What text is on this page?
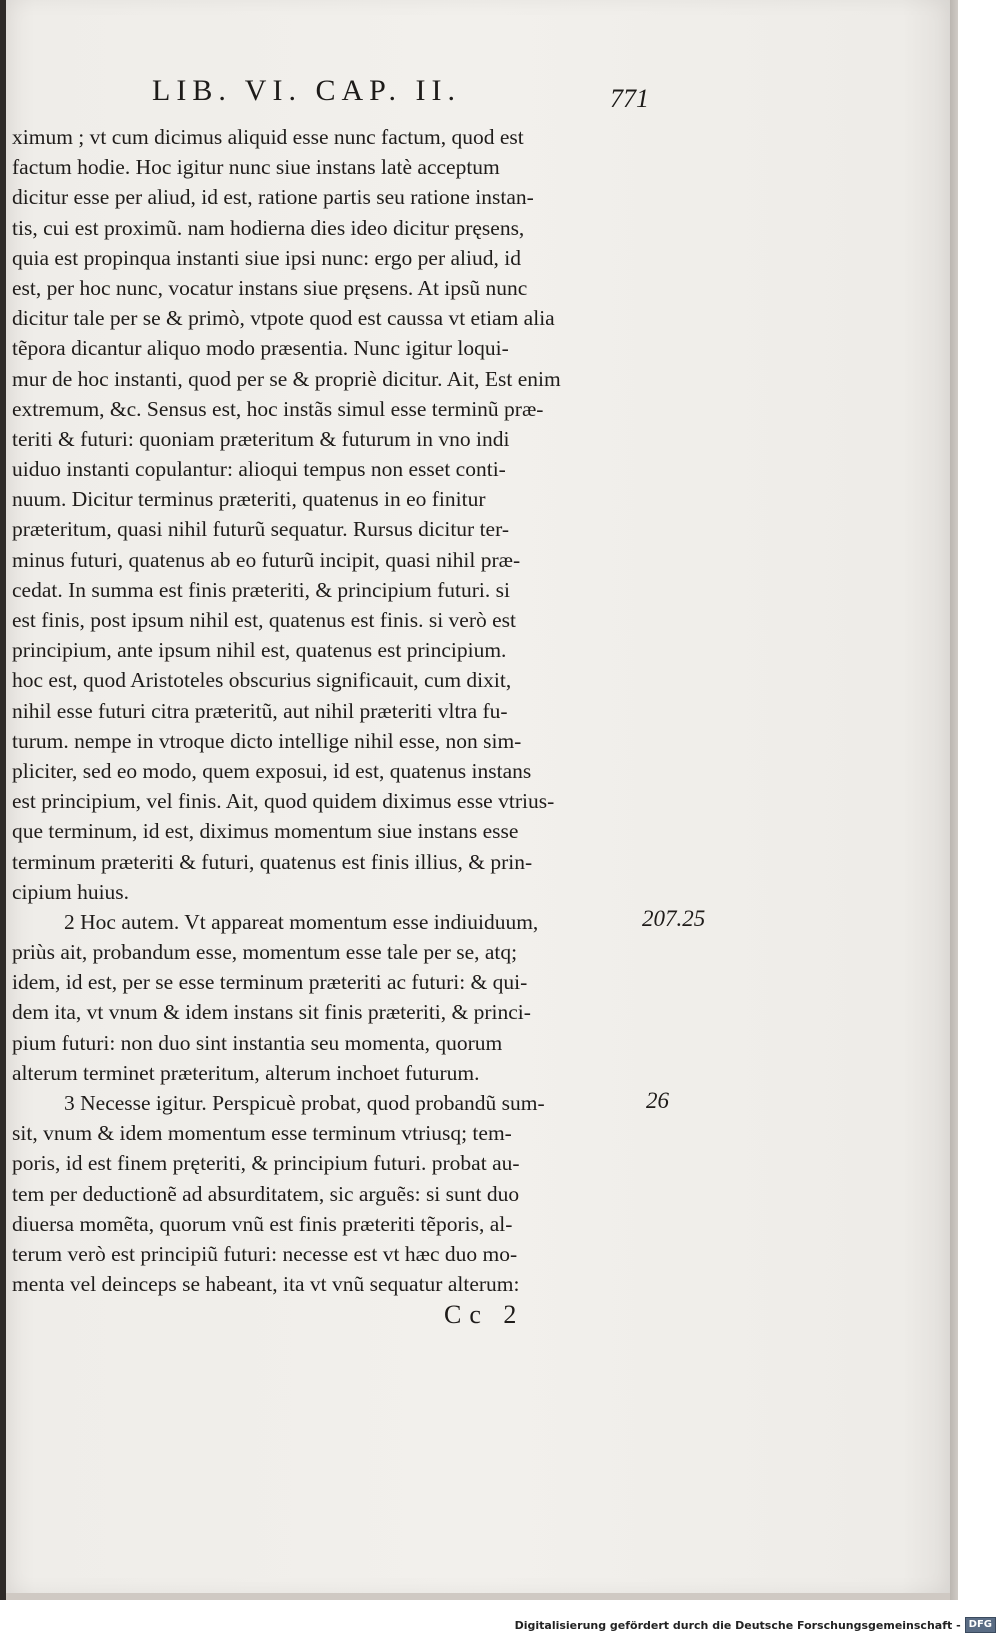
LIB. VI. CAP. II.	771
ximum ; vt cum dicimus aliquid esse nunc factum, quod est
factum hodie. Hoc igitur nunc siue instans latè acceptum
dicitur esse per aliud, id est, ratione partis seu ratione instan-
tis, cui est proximũ. nam hodierna dies ideo dicitur pręsens,
quia est propinqua instanti siue ipsi nunc: ergo per aliud, id
est, per hoc nunc, vocatur instans siue pręsens. At ipsũ nunc
dicitur tale per se & primò, vtpote quod est caussa vt etiam alia
tẽpora dicantur aliquo modo præsentia. Nunc igitur loqui-
mur de hoc instanti, quod per se & propriè dicitur. Ait, Est enim
extremum, &c. Sensus est, hoc instãs simul esse terminũ præ-
teriti & futuri: quoniam præteritum & futurum in vno indi
uiduo instanti copulantur: alioqui tempus non esset conti-
nuum. Dicitur terminus præteriti, quatenus in eo finitur
præteritum, quasi nihil futurũ sequatur. Rursus dicitur ter-
minus futuri, quatenus ab eo futurũ incipit, quasi nihil præ-
cedat. In summa est finis præteriti, & principium futuri. si
est finis, post ipsum nihil est, quatenus est finis. si verò est
principium, ante ipsum nihil est, quatenus est principium.
hoc est, quod Aristoteles obscurius significauit, cum dixit,
nihil esse futuri citra præteritũ, aut nihil præteriti vltra fu-
turum. nempe in vtroque dicto intellige nihil esse, non sim-
pliciter, sed eo modo, quem exposui, id est, quatenus instans
est principium, vel finis. Ait, quod quidem diximus esse vtrius-
que terminum, id est, diximus momentum siue instans esse
terminum præteriti & futuri, quatenus est finis illius, & prin-
cipium huius.
2 Hoc autem. Vt appareat momentum esse indiuiduum,
priùs ait, probandum esse, momentum esse tale per se, atq;
idem, id est, per se esse terminum præteriti ac futuri: & qui-
dem ita, vt vnum & idem instans sit finis præteriti, & princi-
pium futuri: non duo sint instantia seu momenta, quorum
alterum terminet præteritum, alterum inchoet futurum.
3 Necesse igitur. Perspicuè probat, quod probandũ sum-
sit, vnum & idem momentum esse terminum vtriusq; tem-
poris, id est finem pręteriti, & principium futuri. probat au-
tem per deductionẽ ad absurditatem, sic arguẽs: si sunt duo
diuersa momẽta, quorum vnũ est finis præteriti tẽporis, al-
terum verò est principiũ futuri: necesse est vt hæc duo mo-
menta vel deinceps se habeant, ita vt vnũ sequatur alterum:
207.25
26
Cc 2
Digitalisierung gefördert durch die Deutsche Forschungsgemeinschaft - DFG
